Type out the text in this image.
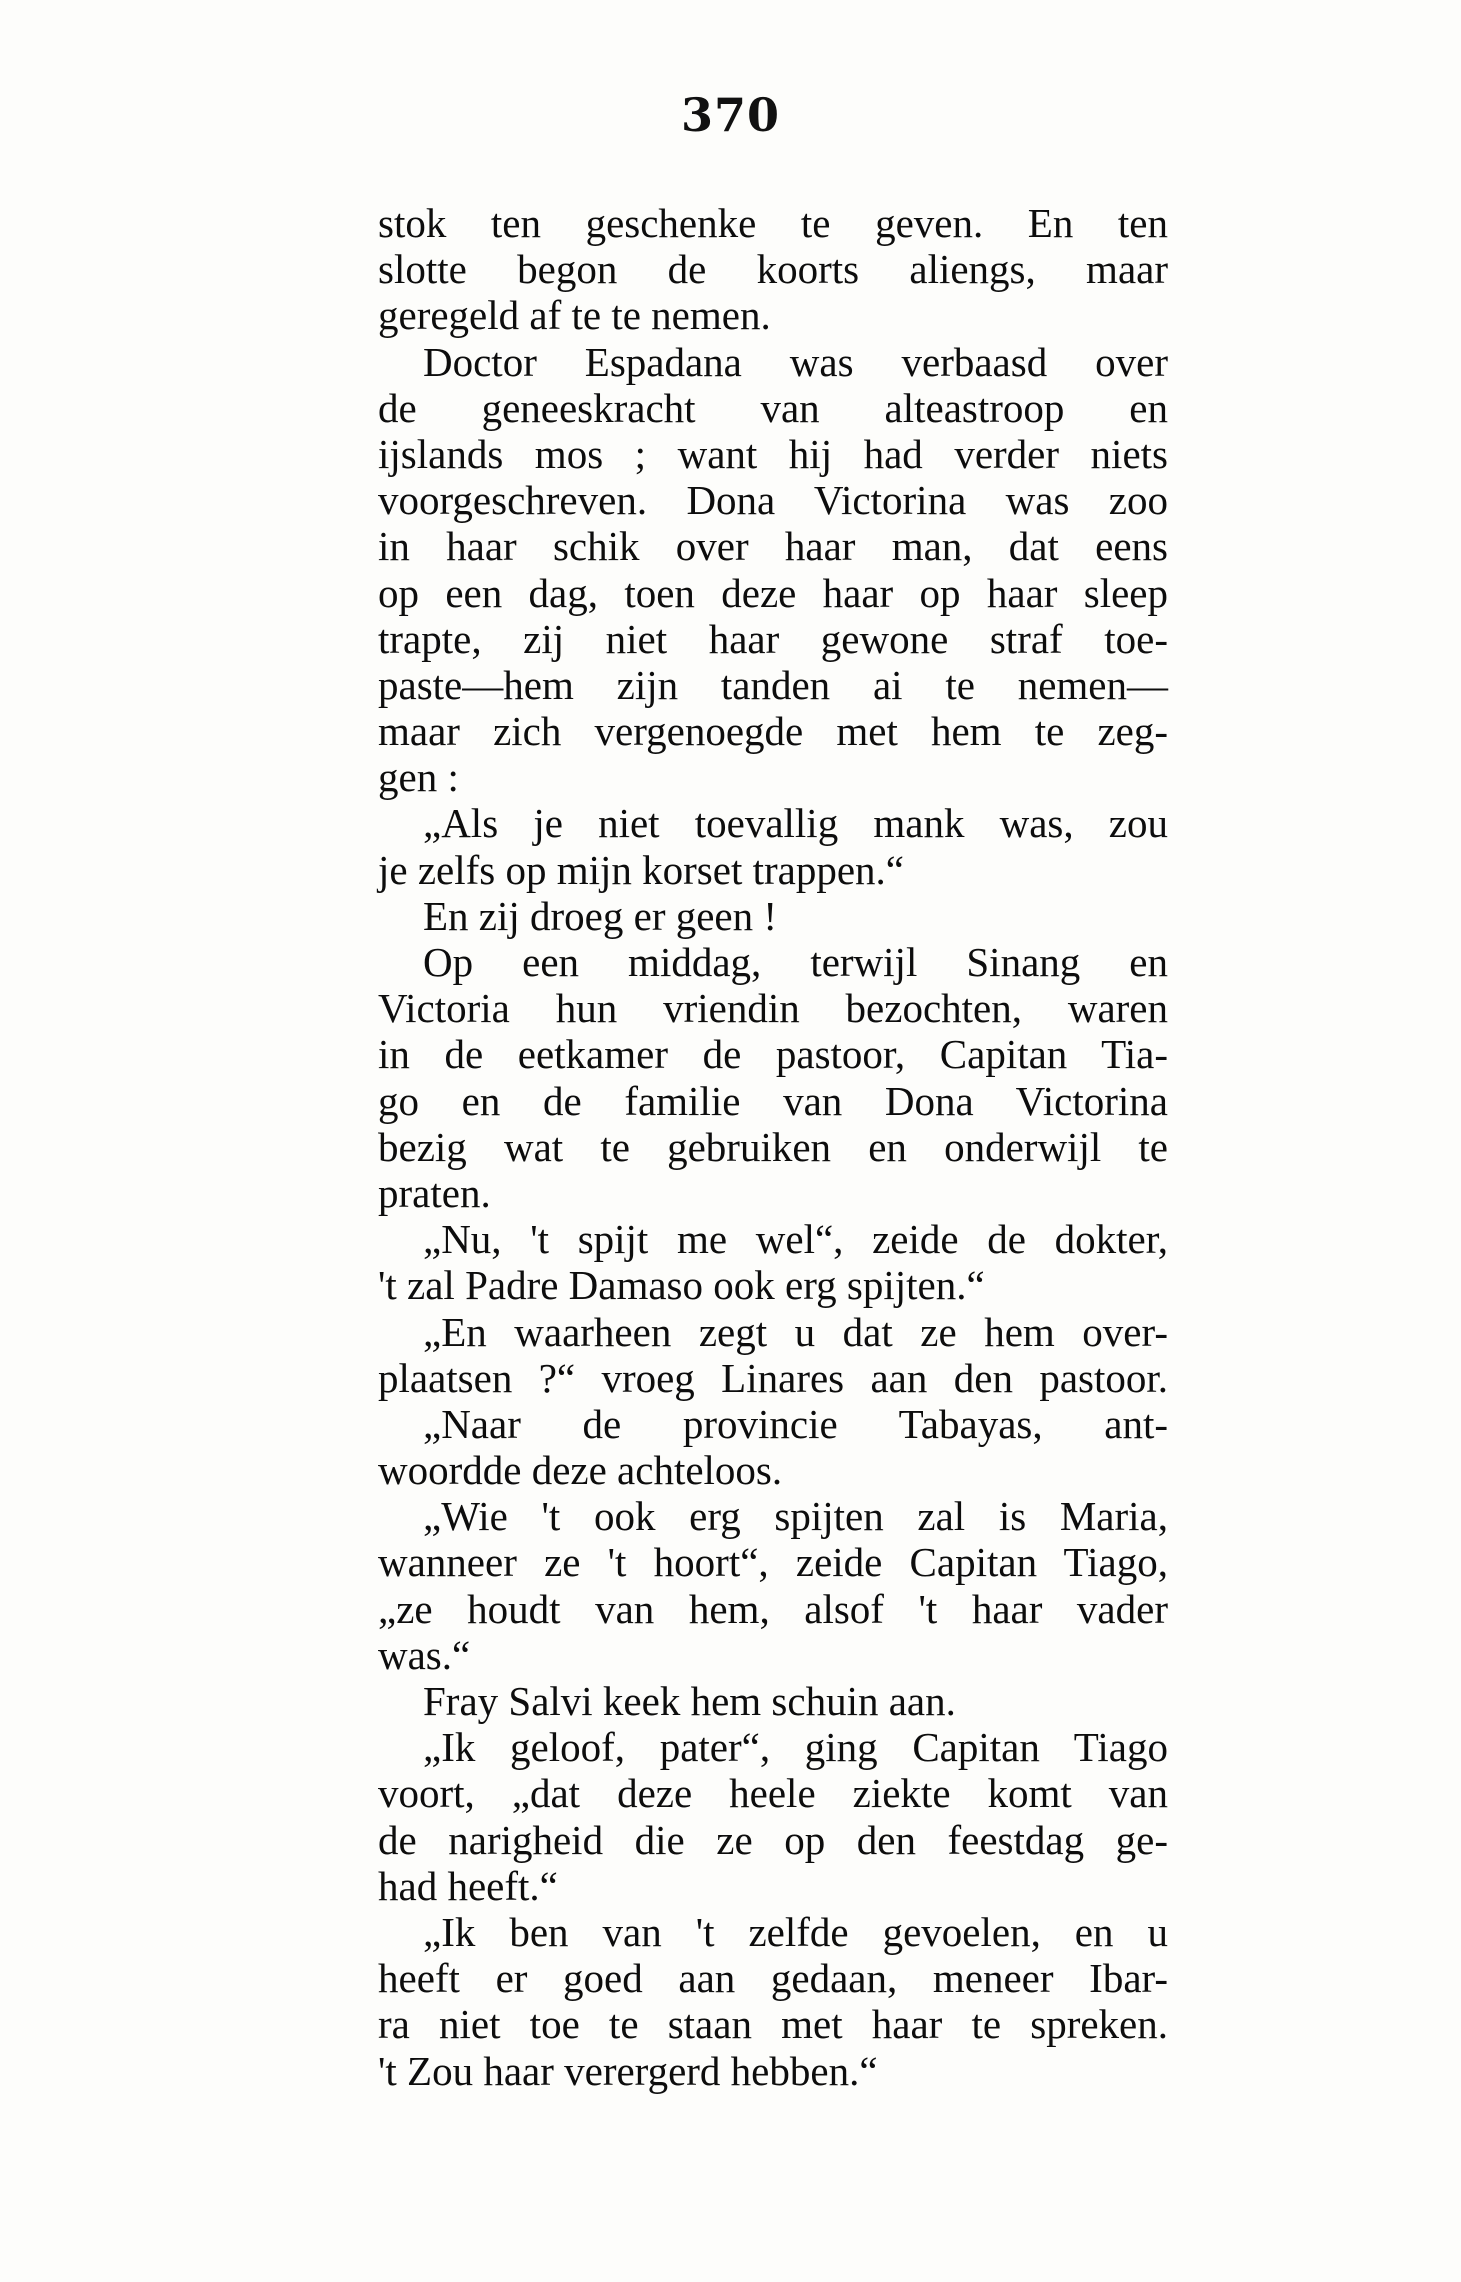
370
stok ten geschenke te geven. En ten
slotte begon de koorts aliengs, maar
geregeld af te te nemen.
Doctor Espadana was verbaasd over
de geneeskracht van alteastroop en
ijslands mos ; want hij had verder niets
voorgeschreven. Dona Victorina was zoo
in haar schik over haar man, dat eens
op een dag, toen deze haar op haar sleep
trapte, zij niet haar gewone straf toe-
paste—hem zijn tanden ai te nemen—
maar zich vergenoegde met hem te zeg-
gen :
„Als je niet toevallig mank was, zou
je zelfs op mijn korset trappen.“
En zij droeg er geen !
Op een middag, terwijl Sinang en
Victoria hun vriendin bezochten, waren
in de eetkamer de pastoor, Capitan Tia-
go en de familie van Dona Victorina
bezig wat te gebruiken en onderwijl te
praten.
„Nu, 't spijt me wel“, zeide de dokter,
't zal Padre Damaso ook erg spijten.“
„En waarheen zegt u dat ze hem over-
plaatsen ?“ vroeg Linares aan den pastoor.
„Naar de provincie Tabayas, ant-
woordde deze achteloos.
„Wie 't ook erg spijten zal is Maria,
wanneer ze 't hoort“, zeide Capitan Tiago,
„ze houdt van hem, alsof 't haar vader
was.“
Fray Salvi keek hem schuin aan.
„Ik geloof, pater“, ging Capitan Tiago
voort, „dat deze heele ziekte komt van
de narigheid die ze op den feestdag ge-
had heeft.“
„Ik ben van 't zelfde gevoelen, en u
heeft er goed aan gedaan, meneer Ibar-
ra niet toe te staan met haar te spreken.
't Zou haar verergerd hebben.“
